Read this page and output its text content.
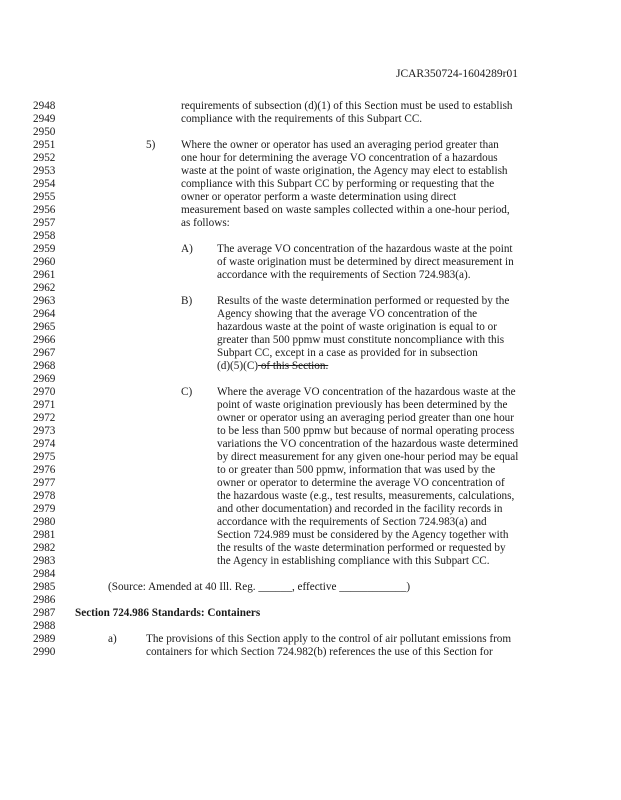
JCAR350724-1604289r01
2948
2949
2950
2951
2952
2953
2954
2955
2956
2957
2958
2959
2960
2961
2962
2963
2964
2965
2966
2967
2968
2969
2970
2971
2972
2973
2974
2975
2976
2977
2978
2979
2980
2981
2982
2983
2984
2985
2986
2987
2988
2989
2990
requirements of subsection (d)(1) of this Section must be used to establish
compliance with the requirements of this Subpart CC.
5) Where the owner or operator has used an averaging period greater than
one hour for determining the average VO concentration of a hazardous
waste at the point of waste origination, the Agency may elect to establish
compliance with this Subpart CC by performing or requesting that the
owner or operator perform a waste determination using direct
measurement based on waste samples collected within a one-hour period,
as follows:
A) The average VO concentration of the hazardous waste at the point
of waste origination must be determined by direct measurement in
accordance with the requirements of Section 724.983(a).
B) Results of the waste determination performed or requested by the
Agency showing that the average VO concentration of the
hazardous waste at the point of waste origination is equal to or
greater than 500 ppmw must constitute noncompliance with this
Subpart CC, except in a case as provided for in subsection
(d)(5)(C) of this Section.
C) Where the average VO concentration of the hazardous waste at the
point of waste origination previously has been determined by the
owner or operator using an averaging period greater than one hour
to be less than 500 ppmw but because of normal operating process
variations the VO concentration of the hazardous waste determined
by direct measurement for any given one-hour period may be equal
to or greater than 500 ppmw, information that was used by the
owner or operator to determine the average VO concentration of
the hazardous waste (e.g., test results, measurements, calculations,
and other documentation) and recorded in the facility records in
accordance with the requirements of Section 724.983(a) and
Section 724.989 must be considered by the Agency together with
the results of the waste determination performed or requested by
the Agency in establishing compliance with this Subpart CC.
(Source: Amended at 40 Ill. Reg. ______, effective ____________)
Section 724.986 Standards: Containers
a)	The provisions of this Section apply to the control of air pollutant emissions from
containers for which Section 724.982(b) references the use of this Section for
